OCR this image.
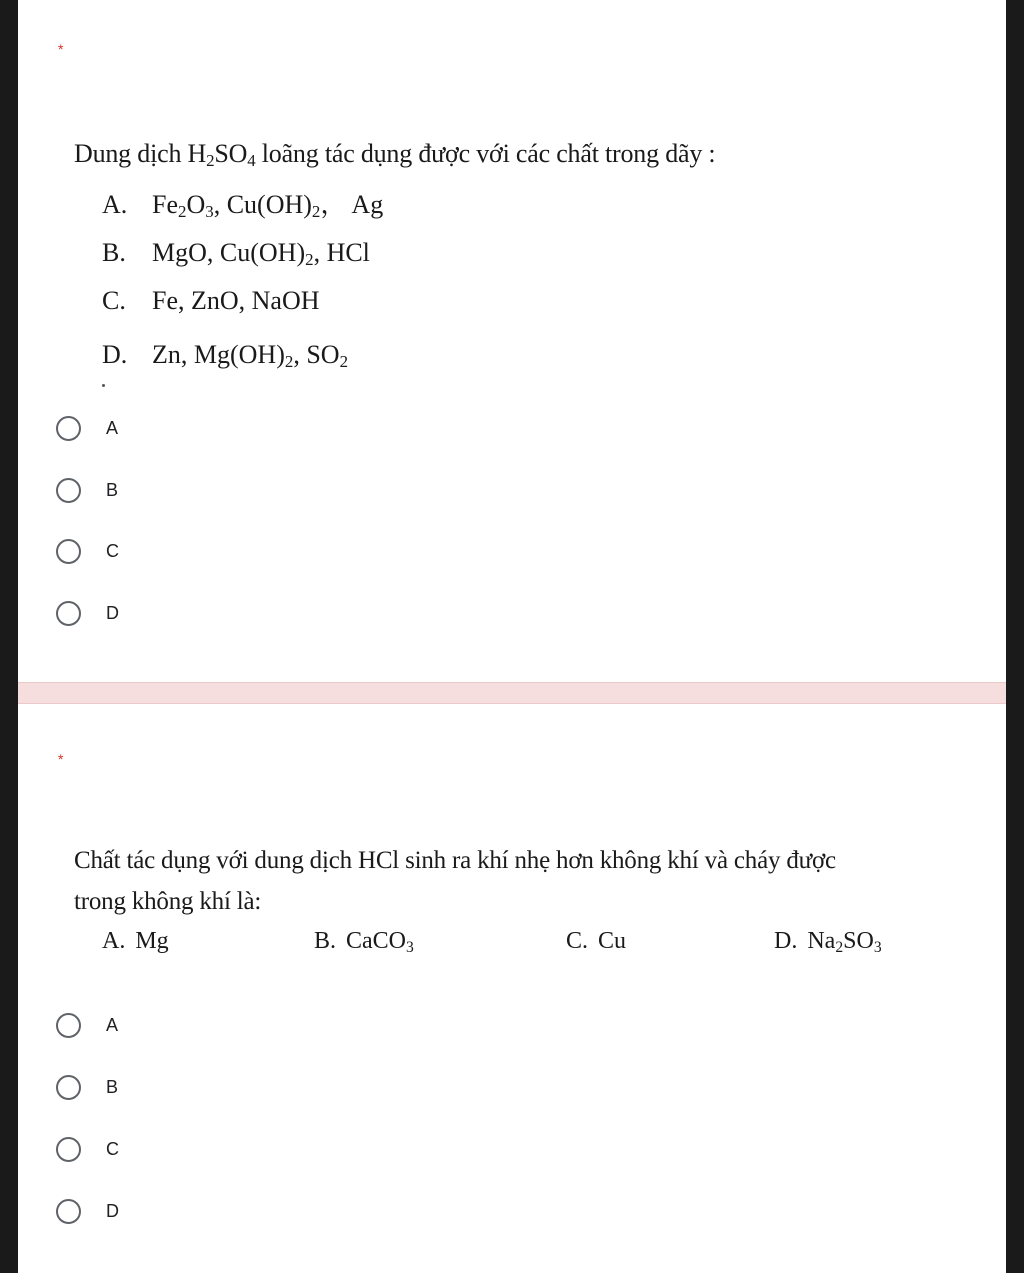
*
Dung dịch $H_2SO_4$ loãng tác dụng được với các chất trong dãy :
A. $Fe_2O_3$, $Cu(OH)_2$， Ag
B. MgO, $Cu(OH)_2$, HCl
C. Fe, ZnO, NaOH
D. Zn, $Mg(OH)_2$, $SO_2$
A
B
C
D
*
Chất tác dụng với dung dịch HCl sinh ra khí nhẹ hơn không khí và cháy được
trong không khí là:
A. Mg	B. CaCO$_3$	C. Cu	D. $Na_2SO_3$
A
B
C
D
